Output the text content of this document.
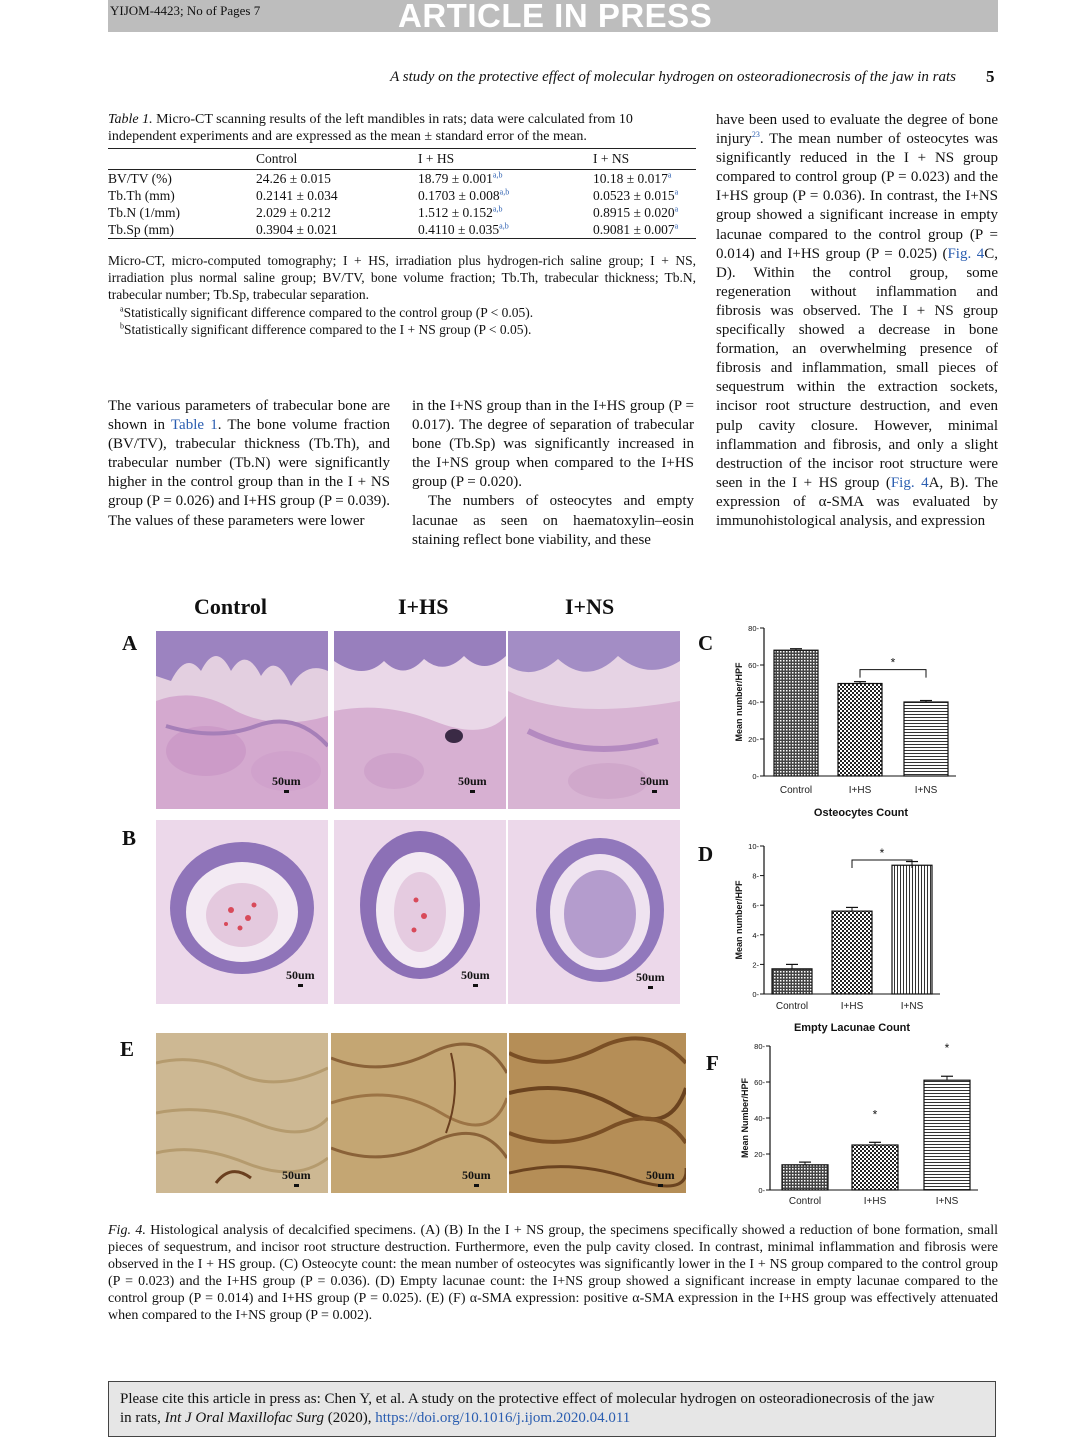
YIJOM-4423; No of Pages 7	ARTICLE IN PRESS
A study on the protective effect of molecular hydrogen on osteoradionecrosis of the jaw in rats 5
Table 1. Micro-CT scanning results of the left mandibles in rats; data were calculated from 10 independent experiments and are expressed as the mean ± standard error of the mean.
	Control	I + HS	I + NS
BV/TV (%)	24.26 ± 0.015	$18.79 \pm 0.001^{a,b}$	10.18 ± 0.017$^a$
Tb.Th (mm)	0.2141 ± 0.034	$0.1703 \pm 0.008^{a,b}$	0.0523 ± 0.015$^a$
Tb.N (1/mm)	2.029 ± 0.212	$1.512 \pm 0.152^{a,b}$	0.8915 ± 0.020$^a$
Tb.Sp (mm)	0.3904 ± 0.021	$0.4110 \pm 0.035^{a,b}$	0.9081 ± 0.007$^a$
Micro-CT, micro-computed tomography; I + HS, irradiation plus hydrogen-rich saline group; I + NS, irradiation plus normal saline group; BV/TV, bone volume fraction; Tb.Th, trabecular thickness; Tb.N, trabecular number; Tb.Sp, trabecular separation.
$^a$Statistically significant difference compared to the control group (P < 0.05).
$^b$Statistically significant difference compared to the I + NS group (P < 0.05).

The various parameters of trabecular bone are shown in Table 1. The bone volume fraction (BV/TV), trabecular thickness (Tb.Th), and trabecular number (Tb.N) were significantly higher in the control group than in the I + NS group (P = 0.026) and I+HS group (P = 0.039). The values of these parameters were lower

in the I+NS group than in the I+HS group (P = 0.017). The degree of separation of trabecular bone (Tb.Sp) was significantly increased in the I+NS group when compared to the I+HS group (P = 0.020).

The numbers of osteocytes and empty lacunae as seen on haematoxylin–eosin staining reflect bone viability, and these

have been used to evaluate the degree of bone injury$^{23}$. The mean number of osteocytes was significantly reduced in the I + NS group compared to control group (P = 0.023) and the I+HS group (P = 0.036). In contrast, the I+NS group showed a significant increase in empty lacunae compared to the control group (P = 0.014) and I+HS group (P = 0.025) (Fig. 4C, D). Within the control group, some regeneration without inflammation and fibrosis was observed. The I + NS group specifically showed a decrease in bone formation, an overwhelming presence of fibrosis and inflammation, small pieces of sequestrum within the extraction sockets, incisor root structure destruction, and even pulp cavity closure. However, minimal inflammation and fibrosis, and only a slight destruction of the incisor root structure were seen in the I + HS group (Fig. 4A, B). The expression of α-SMA was evaluated by immunohistological analysis, and expression

Control	I+HS	I+NS
A
B
E
C
D
F
50um	50um	50um
50um	50um	50um
50um	50um	50um
0-
20-
40-
60-
80-
Mean number/HPF
Control	I+HS	I+NS
*
Osteocytes Count
0-
2-
4-
6-
8-
10-
Mean number/HPF
Control	I+HS	I+NS
*
Empty Lacunae Count
0-
20-
40-
60-
80-
Mean Number/HPF
Control	I+HS	I+NS
*
*
Fig. 4. Histological analysis of decalcified specimens. (A) (B) In the I + NS group, the specimens specifically showed a reduction of bone formation, small pieces of sequestrum, and incisor root structure destruction. Furthermore, even the pulp cavity closed. In contrast, minimal inflammation and fibrosis were observed in the I + HS group. (C) Osteocyte count: the mean number of osteocytes was significantly lower in the I + NS group compared to the control group (P = 0.023) and the I+HS group (P = 0.036). (D) Empty lacunae count: the I+NS group showed a significant increase in empty lacunae compared to the control group (P = 0.014) and I+HS group (P = 0.025). (E) (F) α-SMA expression: positive α-SMA expression in the I+HS group was effectively attenuated when compared to the I+NS group (P = 0.002).
Please cite this article in press as: Chen Y, et al. A study on the protective effect of molecular hydrogen on osteoradionecrosis of the jaw
in rats, Int J Oral Maxillofac Surg (2020), https://doi.org/10.1016/j.ijom.2020.04.011
